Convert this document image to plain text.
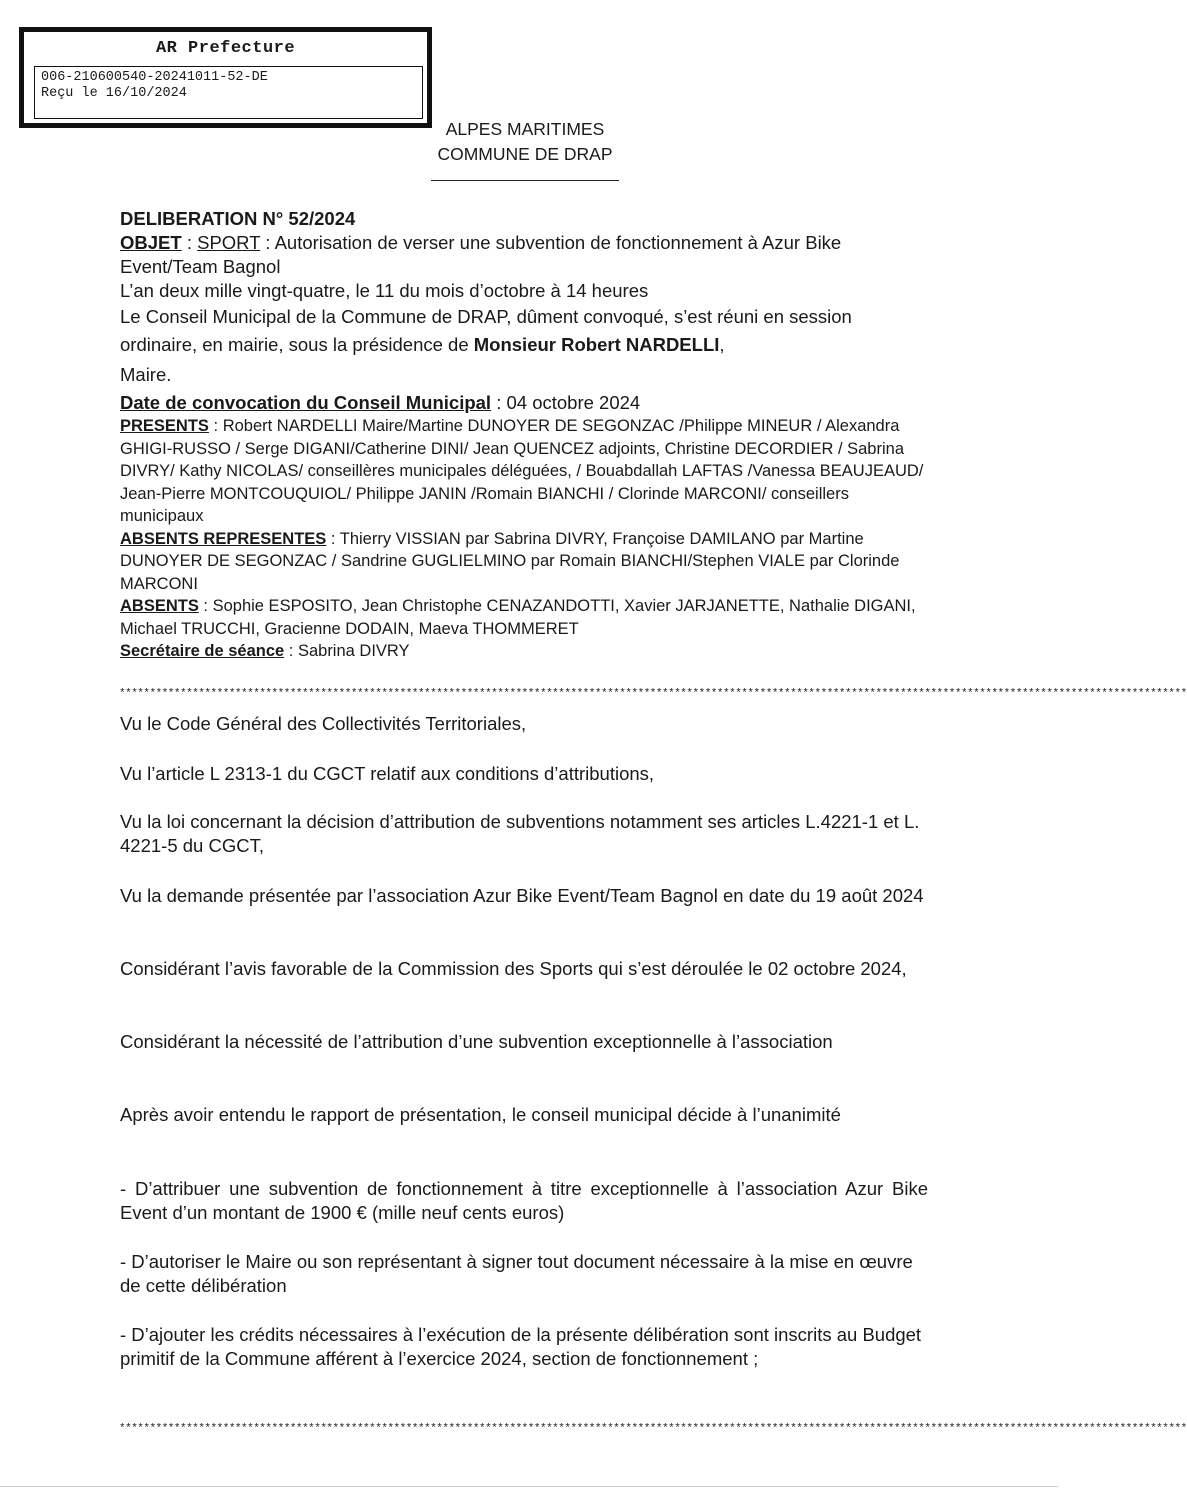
AR Prefecture
006-210600540-20241011-52-DE
Reçu le 16/10/2024
ALPES MARITIMES
COMMUNE DE DRAP

DELIBERATION N° 52/2024

OBJET : SPORT : Autorisation de verser une subvention de fonctionnement à Azur Bike Event/Team Bagnol

L’an deux mille vingt-quatre, le 11 du mois d’octobre à 14 heures

Le Conseil Municipal de la Commune de DRAP, dûment convoqué, s’est réuni en session ordinaire, en mairie, sous la présidence de Monsieur Robert NARDELLI,

Maire.

Date de convocation du Conseil Municipal : 04 octobre 2024

PRESENTS : Robert NARDELLI Maire/Martine DUNOYER DE SEGONZAC /Philippe MINEUR / Alexandra GHIGI-RUSSO / Serge DIGANI/Catherine DINI/ Jean QUENCEZ adjoints, Christine DECORDIER / Sabrina DIVRY/ Kathy NICOLAS/ conseillères municipales déléguées, / Bouabdallah LAFTAS /Vanessa BEAUJEAUD/ Jean-Pierre MONTCOUQUIOL/ Philippe JANIN /Romain BIANCHI / Clorinde MARCONI/ conseillers municipaux

ABSENTS REPRESENTES : Thierry VISSIAN par Sabrina DIVRY, Françoise DAMILANO par Martine DUNOYER DE SEGONZAC / Sandrine GUGLIELMINO par Romain BIANCHI/Stephen VIALE par Clorinde MARCONI

ABSENTS : Sophie ESPOSITO, Jean Christophe CENAZANDOTTI, Xavier JARJANETTE, Nathalie DIGANI, Michael TRUCCHI, Gracienne DODAIN, Maeva THOMMERET

Secrétaire de séance : Sabrina DIVRY

*******************************************************************************************************************************************************************************
Vu le Code Général des Collectivités Territoriales,
Vu l’article L 2313-1 du CGCT relatif aux conditions d’attributions,
Vu la loi concernant la décision d’attribution de subventions notamment ses articles L.4221-1 et L. 4221-5 du CGCT,
Vu la demande présentée par l’association Azur Bike Event/Team Bagnol en date du 19 août 2024
Considérant l’avis favorable de la Commission des Sports qui s’est déroulée le 02 octobre 2024,
Considérant la nécessité de l’attribution d’une subvention exceptionnelle à l’association
Après avoir entendu le rapport de présentation, le conseil municipal décide à l’unanimité
- D’attribuer une subvention de fonctionnement à titre exceptionnelle à l’association Azur Bike Event d’un montant de 1900 € (mille neuf cents euros)
- D’autoriser le Maire ou son représentant à signer tout document nécessaire à la mise en œuvre de cette délibération
- D’ajouter les crédits nécessaires à l’exécution de la présente délibération sont inscrits au Budget primitif de la Commune afférent à l’exercice 2024, section de fonctionnement ;
*******************************************************************************************************************************************************************************
